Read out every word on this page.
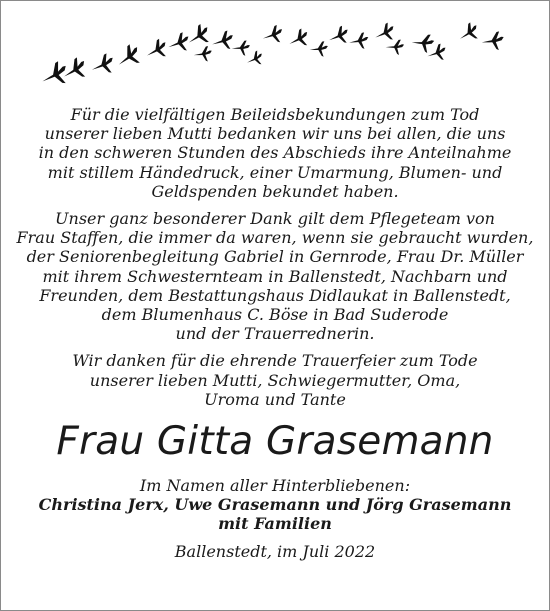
Für die vielfältigen Beileidsbekundungen zum Tod
unserer lieben Mutti bedanken wir uns bei allen, die uns
in den schweren Stunden des Abschieds ihre Anteilnahme
mit stillem Händedruck, einer Umarmung, Blumen- und
Geldspenden bekundet haben.

Unser ganz besonderer Dank gilt dem Pflegeteam von
Frau Staffen, die immer da waren, wenn sie gebraucht wurden,
der Seniorenbegleitung Gabriel in Gernrode, Frau Dr. Müller
mit ihrem Schwesternteam in Ballenstedt, Nachbarn und
Freunden, dem Bestattungshaus Didlaukat in Ballenstedt,
dem Blumenhaus C. Böse in Bad Suderode
und der Trauerrednerin.

Wir danken für die ehrende Trauerfeier zum Tode
unserer lieben Mutti, Schwiegermutter, Oma,
Uroma und Tante

Frau Gitta Grasemann

Im Namen aller Hinterbliebenen:
Christina Jerx, Uwe Grasemann und Jörg Grasemann
mit Familien

Ballenstedt, im Juli 2022
